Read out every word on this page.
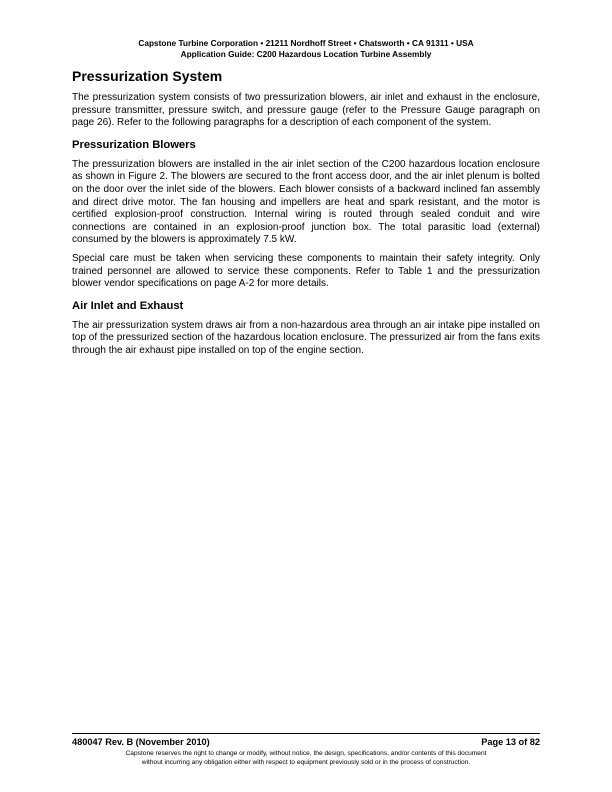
Capstone Turbine Corporation • 21211 Nordhoff Street • Chatsworth • CA 91311 • USA
Application Guide: C200 Hazardous Location Turbine Assembly
Pressurization System

The pressurization system consists of two pressurization blowers, air inlet and exhaust in the enclosure, pressure transmitter, pressure switch, and pressure gauge (refer to the Pressure Gauge paragraph on page 26). Refer to the following paragraphs for a description of each component of the system.

Pressurization Blowers

The pressurization blowers are installed in the air inlet section of the C200 hazardous location enclosure as shown in Figure 2. The blowers are secured to the front access door, and the air inlet plenum is bolted on the door over the inlet side of the blowers. Each blower consists of a backward inclined fan assembly and direct drive motor. The fan housing and impellers are heat and spark resistant, and the motor is certified explosion-proof construction. Internal wiring is routed through sealed conduit and wire connections are contained in an explosion-proof junction box. The total parasitic load (external) consumed by the blowers is approximately 7.5 kW.

Special care must be taken when servicing these components to maintain their safety integrity. Only trained personnel are allowed to service these components. Refer to Table 1 and the pressurization blower vendor specifications on page A-2 for more details.

Air Inlet and Exhaust

The air pressurization system draws air from a non-hazardous area through an air intake pipe installed on top of the pressurized section of the hazardous location enclosure. The pressurized air from the fans exits through the air exhaust pipe installed on top of the engine section.

480047 Rev. B (November 2010)	Page 13 of 82
Capstone reserves the right to change or modify, without notice, the design, specifications, and/or contents of this document
without incurring any obligation either with respect to equipment previously sold or in the process of construction.
